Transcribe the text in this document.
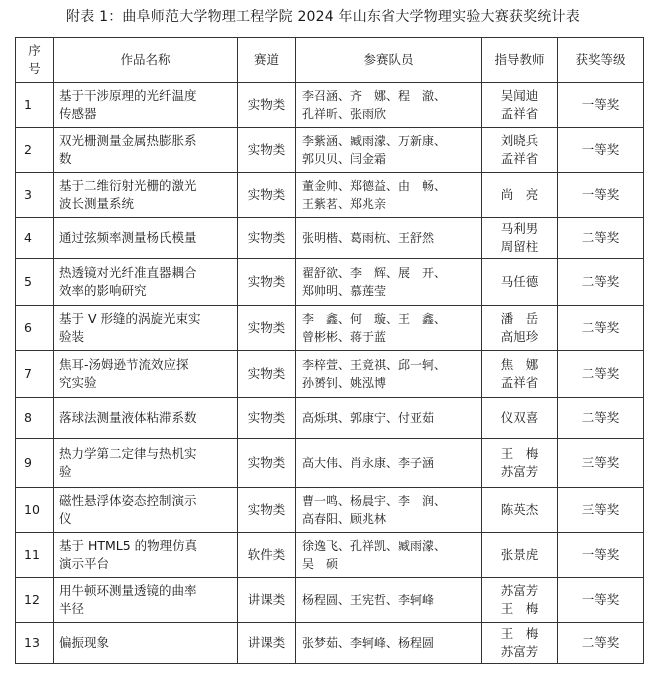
附表 1：曲阜师范大学物理工程学院 2024 年山东省大学物理实验大赛获奖统计表
序
号	作品名称	赛道	参赛队员	指导教师	获奖等级

1	基于干涉原理的光纤温度
传感器	实物类	李召涵、齐　娜、程　澈、
孔祥昕、张雨欣	吴闻迪
孟祥省	一等奖

2	双光栅测量金属热膨胀系
数	实物类	李紫涵、臧雨濛、万新康、
郭贝贝、闫金霜	刘晓兵
孟祥省	一等奖

3	基于二维衍射光栅的激光
波长测量系统	实物类	董金帅、郑德益、由　畅、
王紫茗、郑兆亲	尚　亮	一等奖

4	通过弦频率测量杨氏模量	实物类	张明楷、葛雨杭、王舒然	马利男
周留柱	二等奖

5	热透镜对光纤准直器耦合
效率的影响研究	实物类	翟舒欲、李　辉、展　开、
郑帅明、慕莲莹	马任德	二等奖

6	基于 V 形缝的涡旋光束实
验装	实物类	李　鑫、何　璇、王　鑫、
曾彬彬、蒋于蓝	潘　岳
高旭珍	二等奖

7	焦耳-汤姆逊节流效应探
究实验	实物类	李梓萱、王竟祺、邱一轲、
孙赟钊、姚泓博	焦　娜
孟祥省	二等奖

8	落球法测量液体粘滞系数	实物类	高烁琪、郭康宁、付亚茹	仪双喜	二等奖

9	热力学第二定律与热机实
验	实物类	高大伟、肖永康、李子涵	王　梅
苏富芳	三等奖

10	磁性悬浮体姿态控制演示
仪	实物类	曹一鸣、杨晨宇、李　润、
高春阳、顾兆林	陈英杰	三等奖

11	基于 HTML5 的物理仿真
演示平台	软件类	徐逸飞、孔祥凯、臧雨濛、
吴　硕	张景虎	一等奖

12	用牛顿环测量透镜的曲率
半径	讲课类	杨程圆、王宪哲、李轲峰	苏富芳
王　梅	一等奖

13	偏振现象	讲课类	张梦茹、李轲峰、杨程圆	王　梅
苏富芳	二等奖
